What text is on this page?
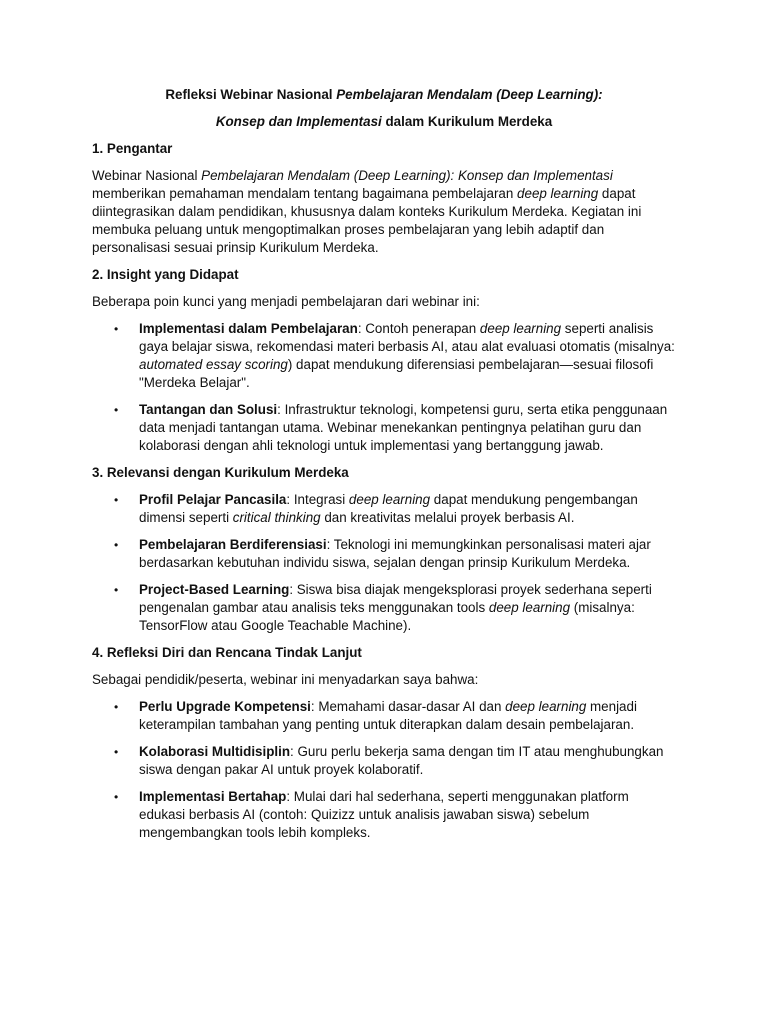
Refleksi Webinar Nasional Pembelajaran Mendalam (Deep Learning):
Konsep dan Implementasi dalam Kurikulum Merdeka
1. Pengantar

Webinar Nasional Pembelajaran Mendalam (Deep Learning): Konsep dan Implementasi memberikan pemahaman mendalam tentang bagaimana pembelajaran deep learning dapat diintegrasikan dalam pendidikan, khususnya dalam konteks Kurikulum Merdeka. Kegiatan ini membuka peluang untuk mengoptimalkan proses pembelajaran yang lebih adaptif dan personalisasi sesuai prinsip Kurikulum Merdeka.

2. Insight yang Didapat

Beberapa poin kunci yang menjadi pembelajaran dari webinar ini:

• Implementasi dalam Pembelajaran: Contoh penerapan deep learning seperti analisis gaya belajar siswa, rekomendasi materi berbasis AI, atau alat evaluasi otomatis (misalnya: automated essay scoring) dapat mendukung diferensiasi pembelajaran—sesuai filosofi "Merdeka Belajar".
• Tantangan dan Solusi: Infrastruktur teknologi, kompetensi guru, serta etika penggunaan data menjadi tantangan utama. Webinar menekankan pentingnya pelatihan guru dan kolaborasi dengan ahli teknologi untuk implementasi yang bertanggung jawab.
3. Relevansi dengan Kurikulum Merdeka
• Profil Pelajar Pancasila: Integrasi deep learning dapat mendukung pengembangan dimensi seperti critical thinking dan kreativitas melalui proyek berbasis AI.
• Pembelajaran Berdiferensiasi: Teknologi ini memungkinkan personalisasi materi ajar berdasarkan kebutuhan individu siswa, sejalan dengan prinsip Kurikulum Merdeka.
• Project-Based Learning: Siswa bisa diajak mengeksplorasi proyek sederhana seperti pengenalan gambar atau analisis teks menggunakan tools deep learning (misalnya: TensorFlow atau Google Teachable Machine).
4. Refleksi Diri dan Rencana Tindak Lanjut

Sebagai pendidik/peserta, webinar ini menyadarkan saya bahwa:

• Perlu Upgrade Kompetensi: Memahami dasar-dasar AI dan deep learning menjadi keterampilan tambahan yang penting untuk diterapkan dalam desain pembelajaran.
• Kolaborasi Multidisiplin: Guru perlu bekerja sama dengan tim IT atau menghubungkan siswa dengan pakar AI untuk proyek kolaboratif.
• Implementasi Bertahap: Mulai dari hal sederhana, seperti menggunakan platform edukasi berbasis AI (contoh: Quizizz untuk analisis jawaban siswa) sebelum mengembangkan tools lebih kompleks.
